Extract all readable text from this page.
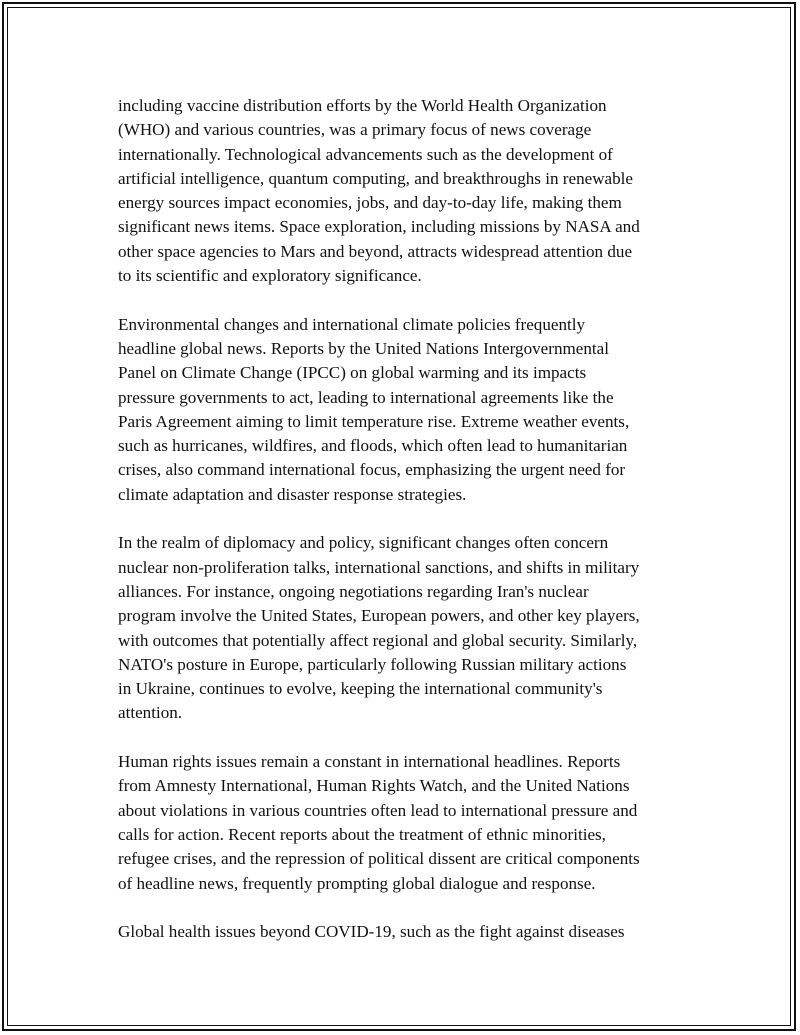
including vaccine distribution efforts by the World Health Organization
(WHO) and various countries, was a primary focus of news coverage
internationally. Technological advancements such as the development of
artificial intelligence, quantum computing, and breakthroughs in renewable
energy sources impact economies, jobs, and day-to-day life, making them
significant news items. Space exploration, including missions by NASA and
other space agencies to Mars and beyond, attracts widespread attention due
to its scientific and exploratory significance.

Environmental changes and international climate policies frequently
headline global news. Reports by the United Nations Intergovernmental
Panel on Climate Change (IPCC) on global warming and its impacts
pressure governments to act, leading to international agreements like the
Paris Agreement aiming to limit temperature rise. Extreme weather events,
such as hurricanes, wildfires, and floods, which often lead to humanitarian
crises, also command international focus, emphasizing the urgent need for
climate adaptation and disaster response strategies.

In the realm of diplomacy and policy, significant changes often concern
nuclear non-proliferation talks, international sanctions, and shifts in military
alliances. For instance, ongoing negotiations regarding Iran's nuclear
program involve the United States, European powers, and other key players,
with outcomes that potentially affect regional and global security. Similarly,
NATO's posture in Europe, particularly following Russian military actions
in Ukraine, continues to evolve, keeping the international community's
attention.

Human rights issues remain a constant in international headlines. Reports
from Amnesty International, Human Rights Watch, and the United Nations
about violations in various countries often lead to international pressure and
calls for action. Recent reports about the treatment of ethnic minorities,
refugee crises, and the repression of political dissent are critical components
of headline news, frequently prompting global dialogue and response.

Global health issues beyond COVID-19, such as the fight against diseases
